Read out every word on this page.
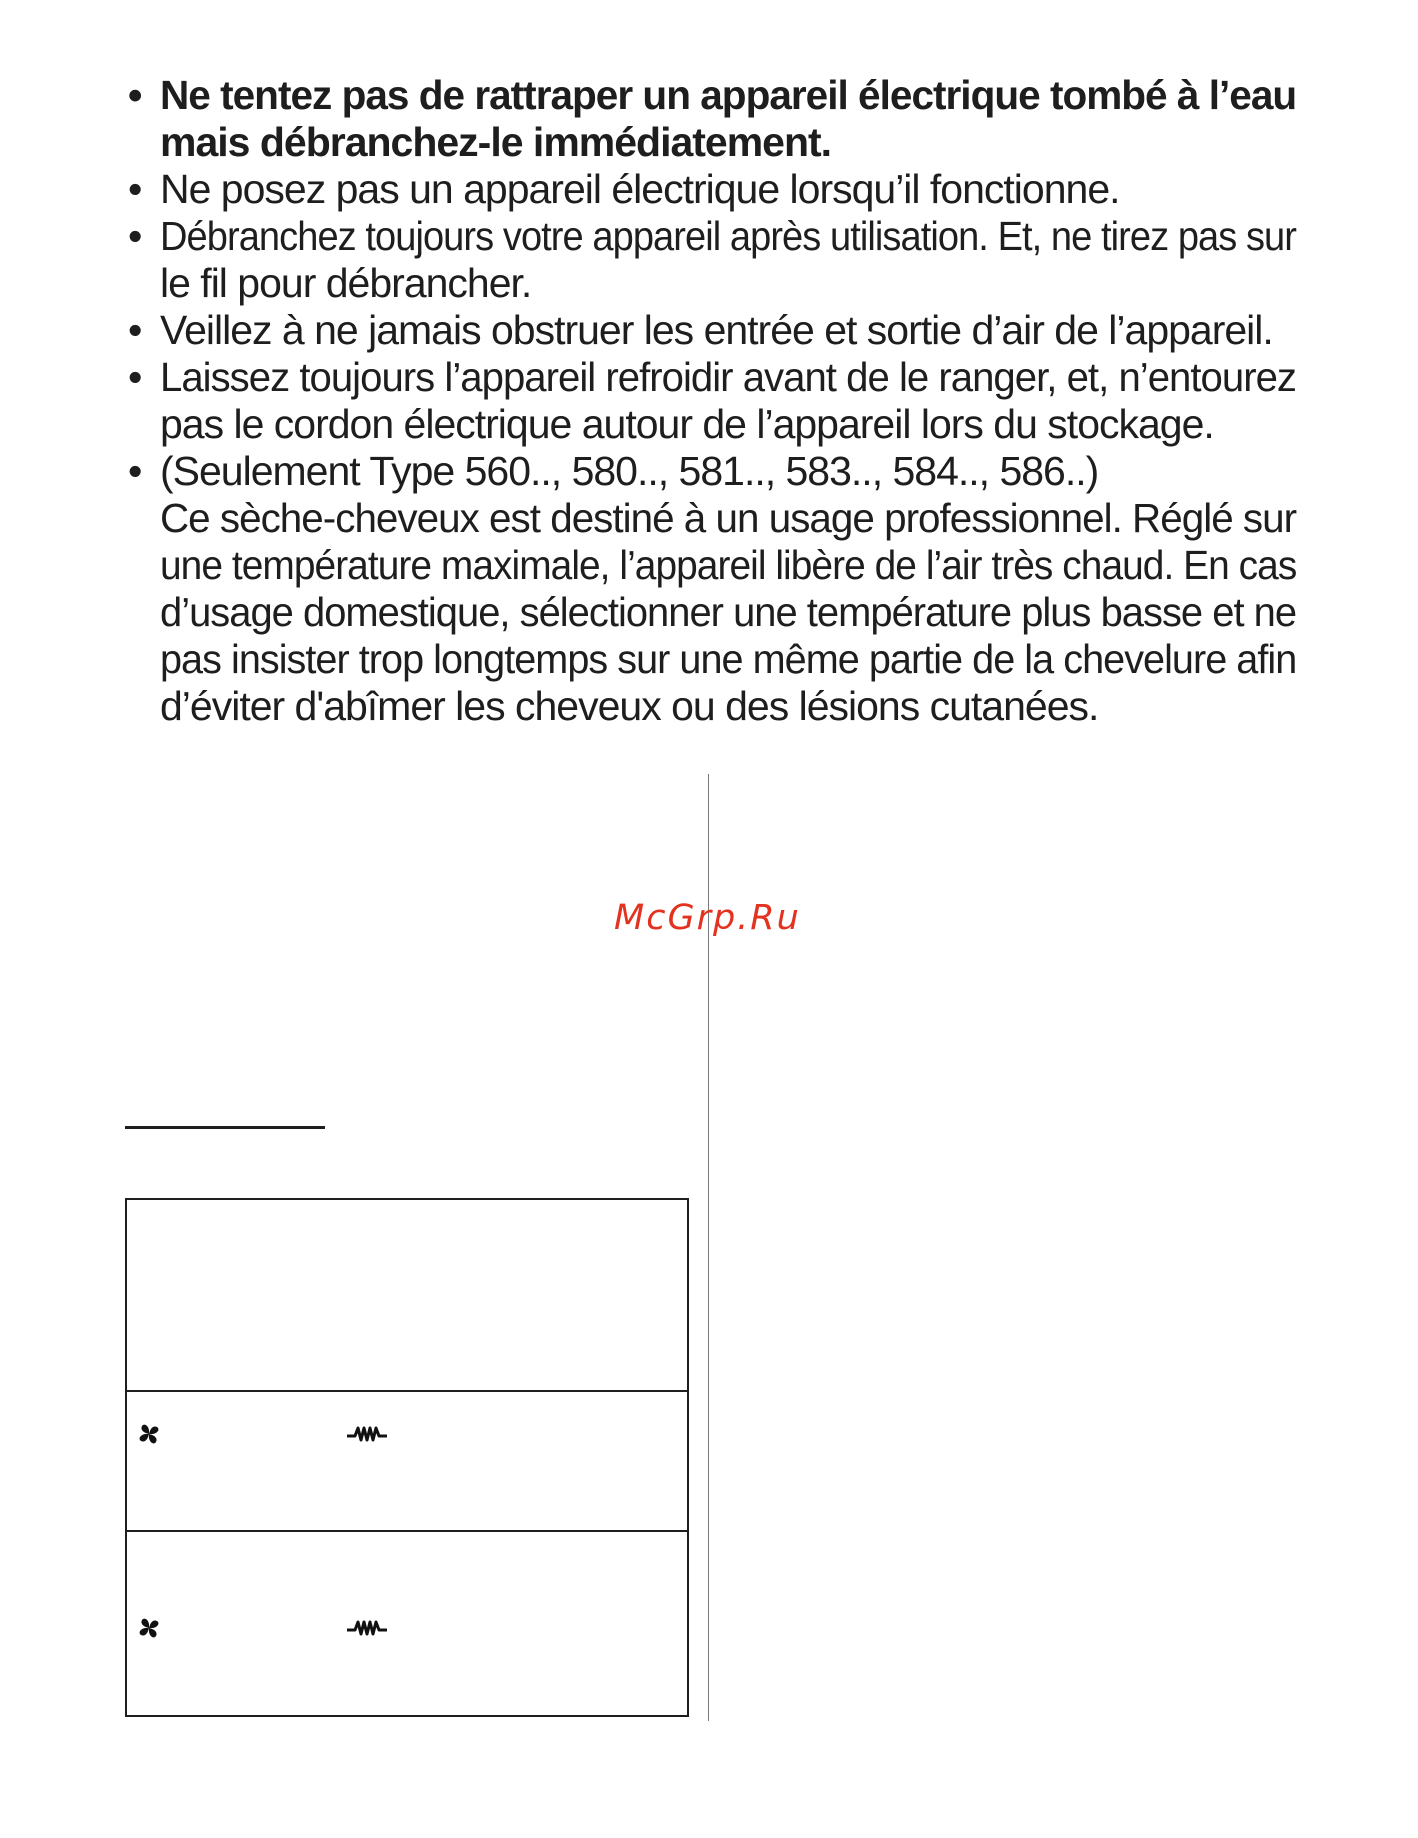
• Ne tentez pas de rattraper un appareil électrique tombé à l’eau
mais débranchez-le immédiatement.
• Ne posez pas un appareil électrique lorsqu’il fonctionne.
• Débranchez toujours votre appareil après utilisation. Et, ne tirez pas sur
le fil pour débrancher.
• Veillez à ne jamais obstruer les entrée et sortie d’air de l’appareil.
• Laissez toujours l’appareil refroidir avant de le ranger, et, n’entourez
pas le cordon électrique autour de l’appareil lors du stockage.
• (Seulement Type 560.., 580.., 581.., 583.., 584.., 586..)
Ce sèche-cheveux est destiné à un usage professionnel. Réglé sur
une température maximale, l’appareil libère de l’air très chaud. En cas
d’usage domestique, sélectionner une température plus basse et ne
pas insister trop longtemps sur une même partie de la chevelure afin
d’éviter d'abîmer les cheveux ou des lésions cutanées.
McGrp.Ru
